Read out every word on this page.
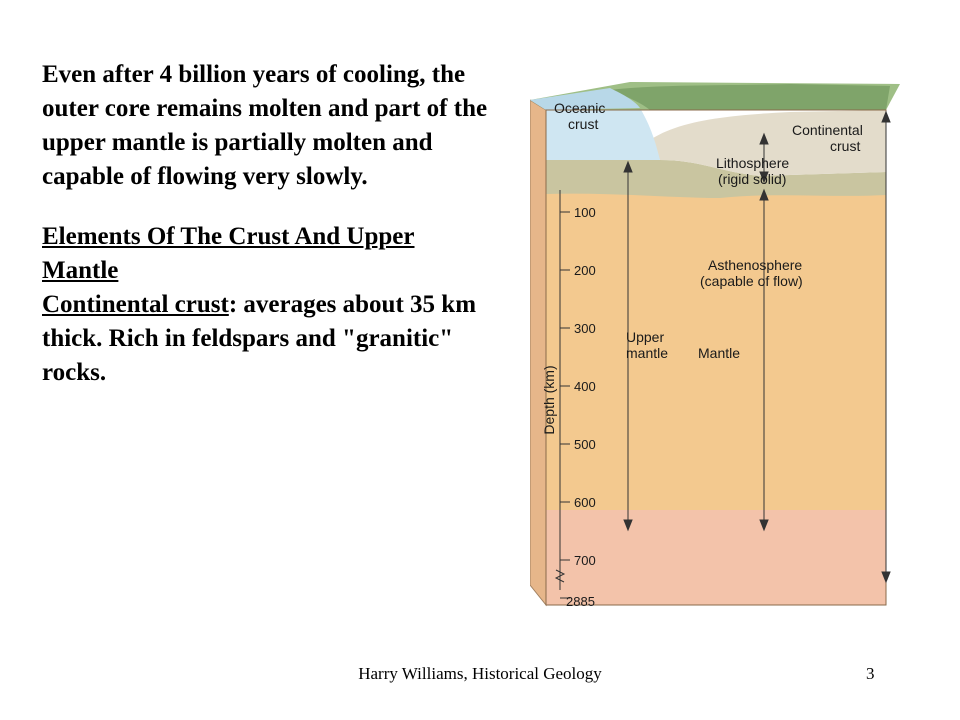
Even after 4 billion years of cooling, the outer core remains molten and part of the upper mantle is partially molten and capable of flowing very slowly.

Elements Of The Crust And Upper Mantle

Continental crust: averages about 35 km thick. Rich in feldspars and "granitic" rocks.

100
200
300
400
500
600
700
2885
Depth (km)
Oceanic
crust	Continental
crust
Lithosphere
(rigid solid)
Asthenosphere
(capable of flow)
Upper
mantle Mantle
Harry Williams, Historical Geology	3
